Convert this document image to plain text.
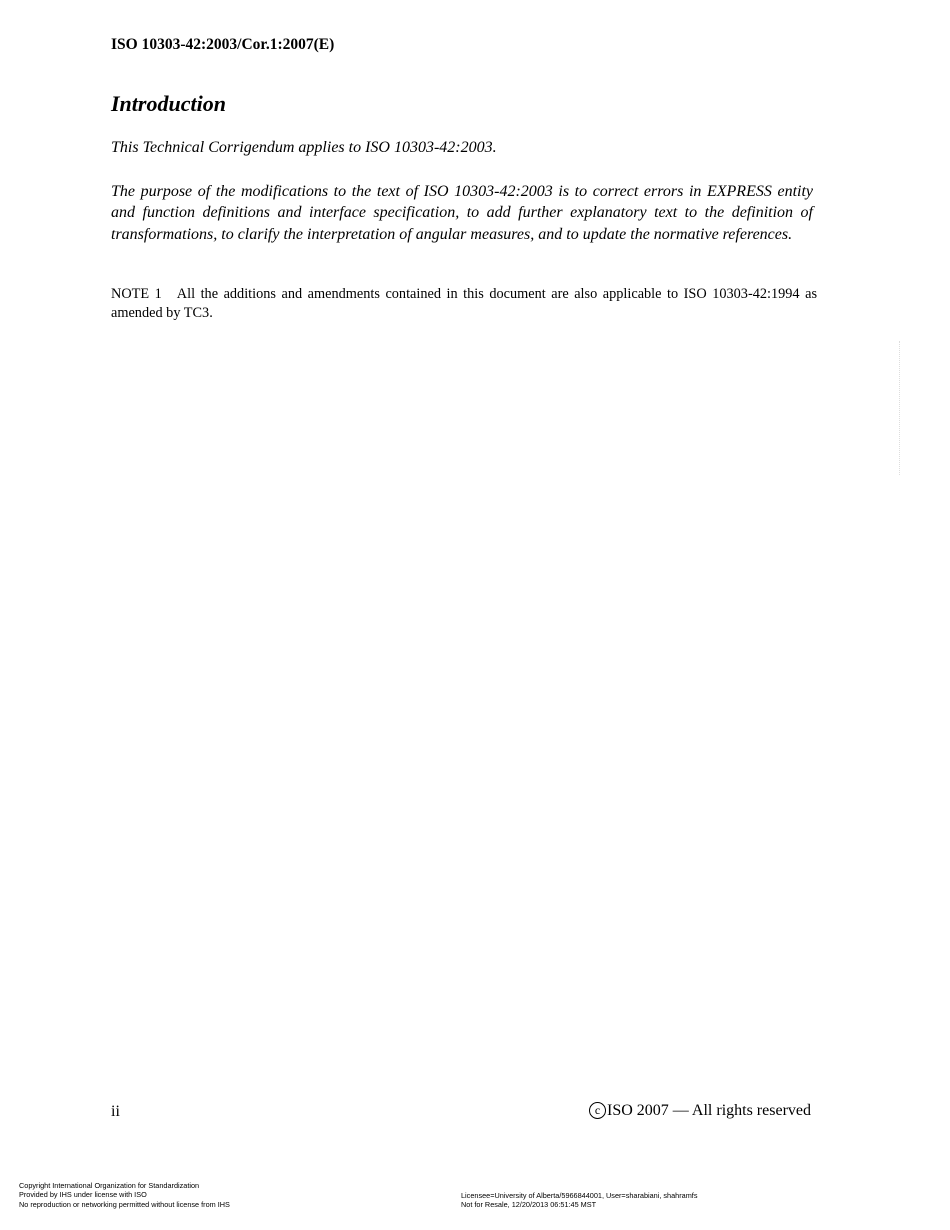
ISO 10303-42:2003/Cor.1:2007(E)
Introduction
This Technical Corrigendum applies to ISO 10303-42:2003.
The purpose of the modifications to the text of ISO 10303-42:2003 is to correct errors in EXPRESS entity and function definitions and interface specification, to add further explanatory text to the definition of transformations, to clarify the interpretation of angular measures, and to update the normative references.
NOTE 1 All the additions and amendments contained in this document are also applicable to ISO 10303-42:1994 as amended by TC3.
ii	c ISO 2007 — All rights reserved
Copyright International Organization for Standardization
Provided by IHS under license with ISO
No reproduction or networking permitted without license from IHS
Licensee=University of Alberta/5966844001, User=sharabiani, shahramfs
Not for Resale, 12/20/2013 06:51:45 MST
